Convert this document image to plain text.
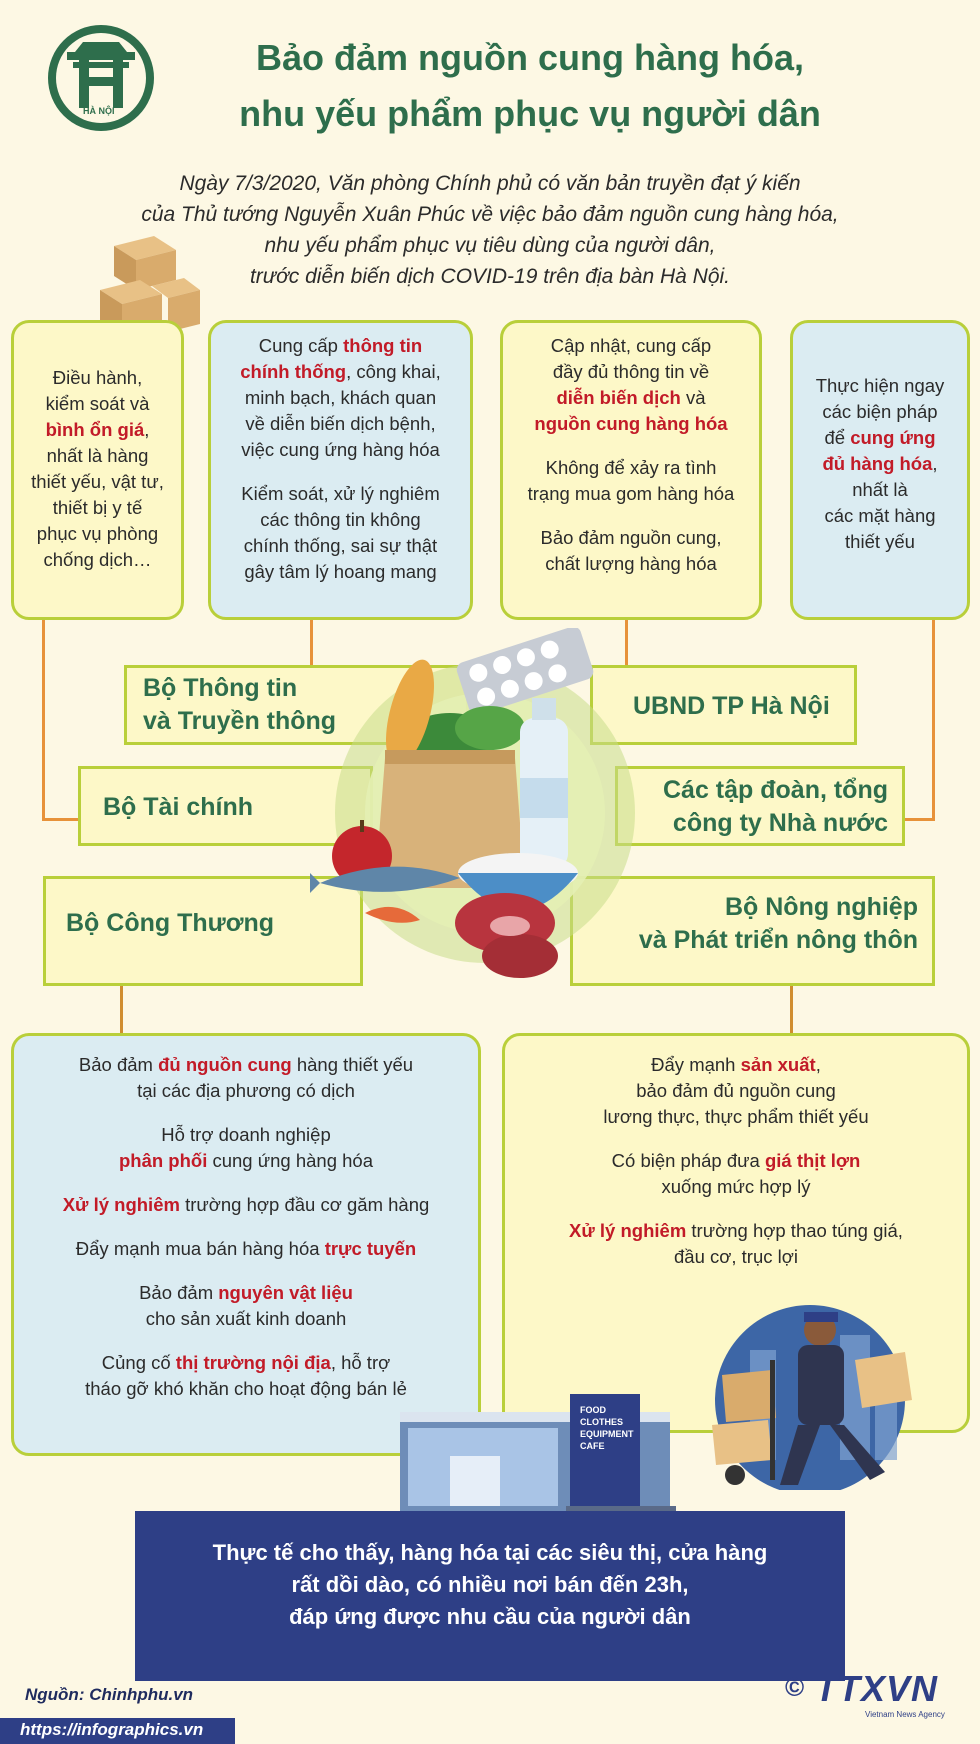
HÀ NỘI
Bảo đảm nguồn cung hàng hóa,
nhu yếu phẩm phục vụ người dân
Ngày 7/3/2020, Văn phòng Chính phủ có văn bản truyền đạt ý kiến
của Thủ tướng Nguyễn Xuân Phúc về việc bảo đảm nguồn cung hàng hóa,
nhu yếu phẩm phục vụ tiêu dùng của người dân,
trước diễn biến dịch COVID-19 trên địa bàn Hà Nội.
Điều hành,
kiểm soát và
bình ổn giá,
nhất là hàng
thiết yếu, vật tư,
thiết bị y tế
phục vụ phòng
chống dịch…
Cung cấp thông tin
chính thống, công khai,
minh bạch, khách quan
về diễn biến dịch bệnh,
việc cung ứng hàng hóa
Kiểm soát, xử lý nghiêm
các thông tin không
chính thống, sai sự thật
gây tâm lý hoang mang
Cập nhật, cung cấp
đầy đủ thông tin về
diễn biến dịch và
nguồn cung hàng hóa
Không để xảy ra tình
trạng mua gom hàng hóa
Bảo đảm nguồn cung,
chất lượng hàng hóa
Thực hiện ngay
các biện pháp
để cung ứng
đủ hàng hóa,
nhất là
các mặt hàng
thiết yếu
Bộ Thông tin
và Truyền thông
UBND TP Hà Nội
Bộ Tài chính
Các tập đoàn, tổng
công ty Nhà nước
Bộ Công Thương
Bộ Nông nghiệp
và Phát triển nông thôn
Bảo đảm đủ nguồn cung hàng thiết yếu
tại các địa phương có dịch
Hỗ trợ doanh nghiệp
phân phối cung ứng hàng hóa
Xử lý nghiêm trường hợp đầu cơ găm hàng
Đẩy mạnh mua bán hàng hóa trực tuyến
Bảo đảm nguyên vật liệu
cho sản xuất kinh doanh
Củng cố thị trường nội địa, hỗ trợ
tháo gỡ khó khăn cho hoạt động bán lẻ
Đẩy mạnh sản xuất,
bảo đảm đủ nguồn cung
lương thực, thực phẩm thiết yếu
Có biện pháp đưa giá thịt lợn
xuống mức hợp lý
Xử lý nghiêm trường hợp thao túng giá,
đầu cơ, trục lợi
FOOD
CLOTHES
EQUIPMENT
CAFE
Thực tế cho thấy, hàng hóa tại các siêu thị, cửa hàng
rất dồi dào, có nhiều nơi bán đến 23h,
đáp ứng được nhu cầu của người dân
Nguồn: Chinhphu.vn
https://infographics.vn
© TTXVN
Vietnam News Agency
